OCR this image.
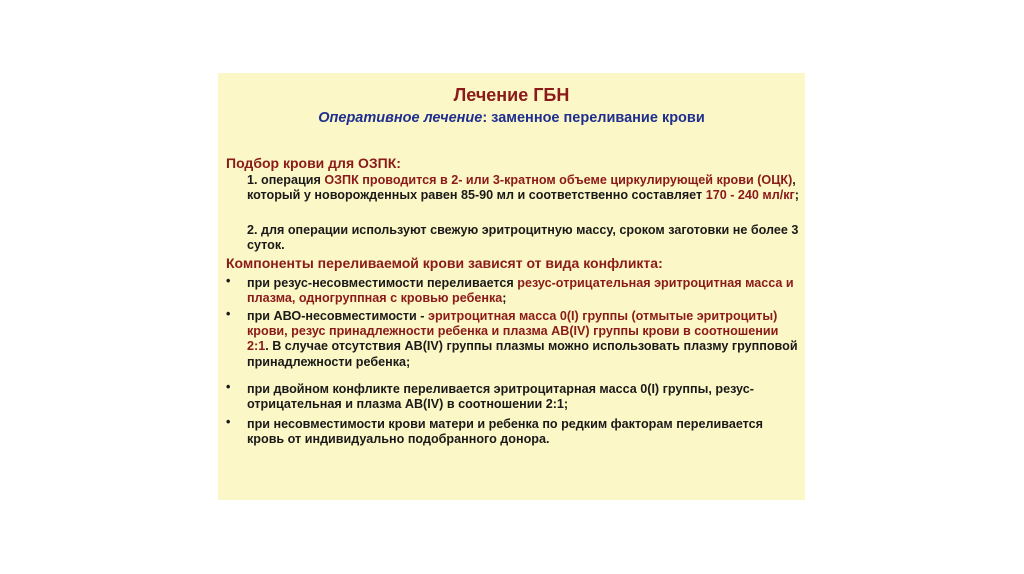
Лечение ГБН
Оперативное лечение: заменное переливание крови
Подбор крови для ОЗПК:
1. операция ОЗПК проводится в 2- или 3-кратном объеме циркулирующей крови (ОЦК), который у новорожденных равен 85-90 мл и соответственно составляет 170 - 240 мл/кг;
2. для операции используют свежую эритроцитную массу, сроком заготовки не более 3 суток.
Компоненты переливаемой крови зависят от вида конфликта:
• при резус-несовместимости переливается резус-отрицательная эритроцитная масса и плазма, одногруппная с кровью ребенка;
• при АВО-несовместимости - эритроцитная масса 0(I) группы (отмытые эритроциты) крови, резус принадлежности ребенка и плазма АВ(IV) группы крови в соотношении 2:1. В случае отсутствия АВ(IV) группы плазмы можно использовать плазму групповой принадлежности ребенка;
• при двойном конфликте переливается эритроцитарная масса 0(I) группы, резус-отрицательная и плазма АВ(IV) в соотношении 2:1;
• при несовместимости крови матери и ребенка по редким факторам переливается кровь от индивидуально подобранного донора.
